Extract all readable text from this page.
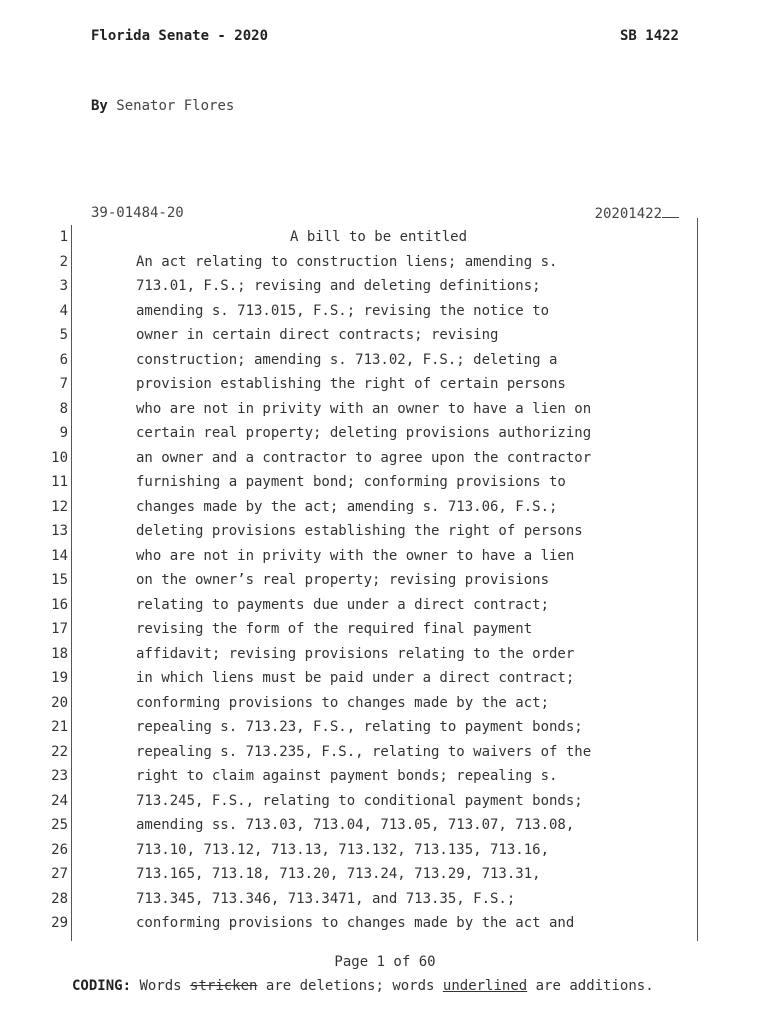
Florida Senate - 2020	SB 1422
By Senator Flores
39-01484-20	20201422
1	A bill to be entitled
2	An act relating to construction liens; amending s.
3	713.01, F.S.; revising and deleting definitions;
4	amending s. 713.015, F.S.; revising the notice to
5	owner in certain direct contracts; revising
6	construction; amending s. 713.02, F.S.; deleting a
7	provision establishing the right of certain persons
8	who are not in privity with an owner to have a lien on
9	certain real property; deleting provisions authorizing
10	an owner and a contractor to agree upon the contractor
11	furnishing a payment bond; conforming provisions to
12	changes made by the act; amending s. 713.06, F.S.;
13	deleting provisions establishing the right of persons
14	who are not in privity with the owner to have a lien
15	on the owner’s real property; revising provisions
16	relating to payments due under a direct contract;
17	revising the form of the required final payment
18	affidavit; revising provisions relating to the order
19	in which liens must be paid under a direct contract;
20	conforming provisions to changes made by the act;
21	repealing s. 713.23, F.S., relating to payment bonds;
22	repealing s. 713.235, F.S., relating to waivers of the
23	right to claim against payment bonds; repealing s.
24	713.245, F.S., relating to conditional payment bonds;
25	amending ss. 713.03, 713.04, 713.05, 713.07, 713.08,
26	713.10, 713.12, 713.13, 713.132, 713.135, 713.16,
27	713.165, 713.18, 713.20, 713.24, 713.29, 713.31,
28	713.345, 713.346, 713.3471, and 713.35, F.S.;
29	conforming provisions to changes made by the act and
Page 1 of 60
CODING: Words stricken are deletions; words underlined are additions.
